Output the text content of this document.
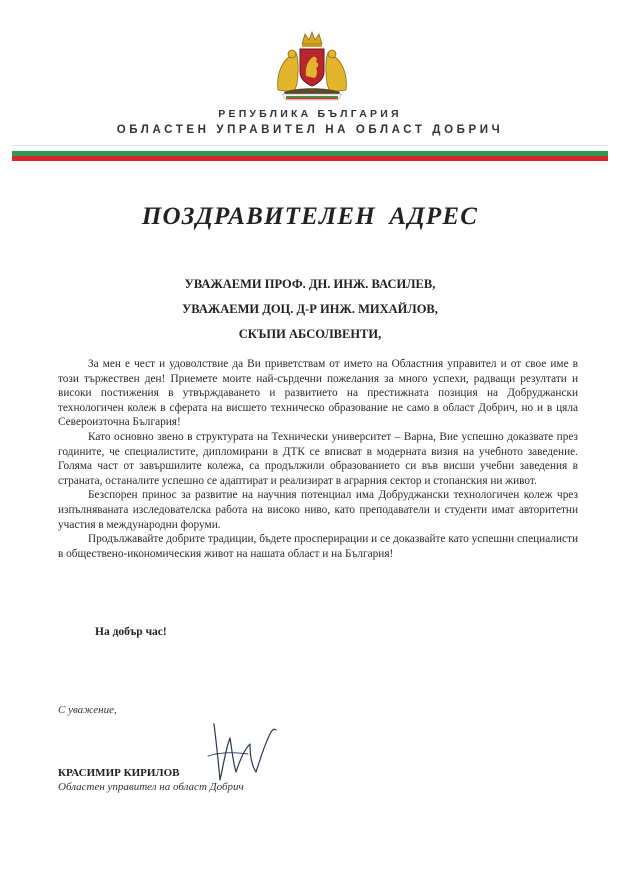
РЕПУБЛИКА БЪЛГАРИЯ
ОБЛАСТЕН УПРАВИТЕЛ НА ОБЛАСТ ДОБРИЧ
ПОЗДРАВИТЕЛЕН АДРЕС
УВАЖАЕМИ ПРОФ. ДН. ИНЖ. ВАСИЛЕВ,
УВАЖАЕМИ ДОЦ. Д-Р ИНЖ. МИХАЙЛОВ,
СКЪПИ АБСОЛВЕНТИ,

За мен е чест и удоволствие да Ви приветствам от името на Областния управител и от свое име в този тържествен ден! Приемете моите най-сърдечни пожелания за много успехи, радващи резултати и високи постижения в утвърждаването и развитието на престижната позиция на Добруджански технологичен колеж в сферата на висшето техническо образование не само в област Добрич, но и в цяла Североизточна България!

Като основно звено в структурата на Технически университет – Варна, Вие успешно доказвате през годините, че специалистите, дипломирани в ДТК се вписват в модерната визия на учебното заведение. Голяма част от завършилите колежа, са продължили образованието си във висши учебни заведения в страната, останалите успешно се адаптират и реализират в аграрния сектор и стопанския ни живот.

Безспорен принос за развитие на научния потенциал има Добруджански технологичен колеж чрез изпълняваната изследователска работа на високо ниво, като преподаватели и студенти имат авторитетни участия в международни форуми.

Продължавайте добрите традиции, бъдете просперирации и се доказвайте като успешни специалисти в обществено-икономическия живот на нашата област и на България!

На добър час!
С уважение,
КРАСИМИР КИРИЛОВ
Областен управител на област Добрич
